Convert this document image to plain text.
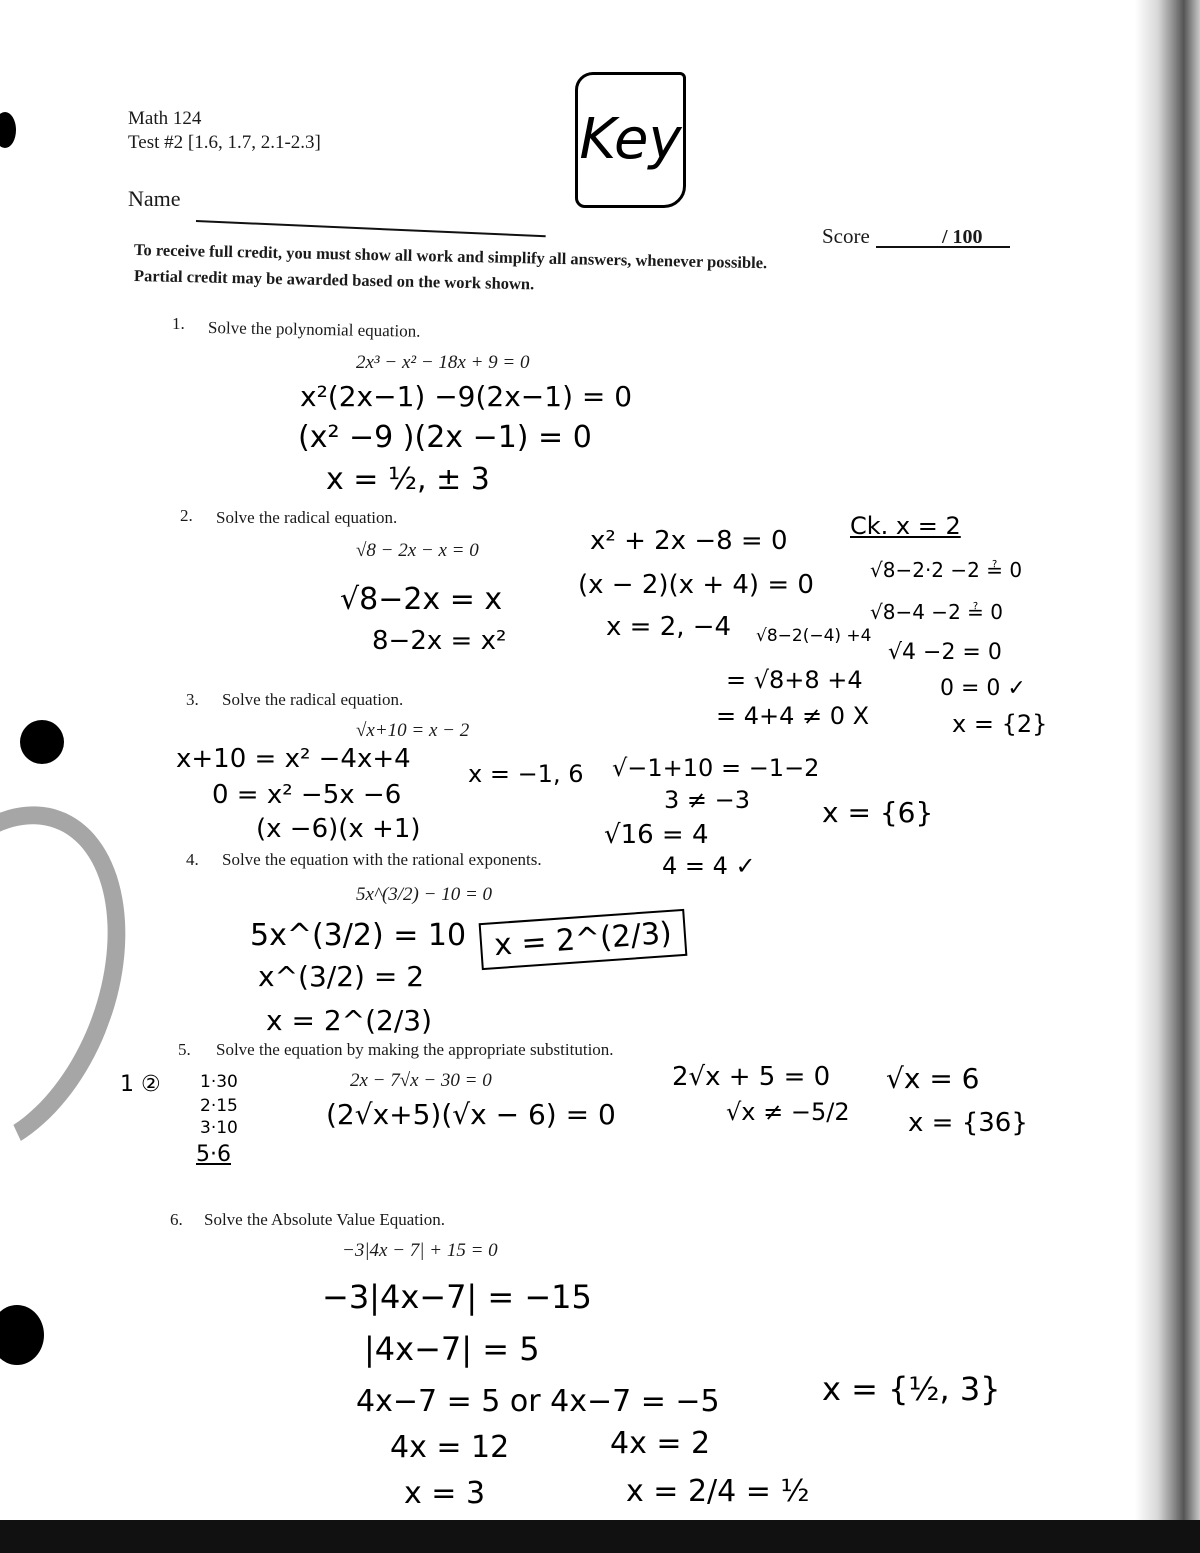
Math 124
Test #2 [1.6, 1.7, 2.1-2.3]
Name
Key
Score	/ 100
To receive full credit, you must show all work and simplify all answers, whenever possible.
Partial credit may be awarded based on the work shown.
1. Solve the polynomial equation.
2x³ − x² − 18x + 9 = 0
x²(2x−1) −9(2x−1) = 0
(x² −9 )(2x −1) = 0
x = ½, ± 3
2. Solve the radical equation.
√8 − 2x − x = 0
√8−2x = x
8−2x = x²
x² + 2x −8 = 0
(x − 2)(x + 4) = 0
x = 2, −4 √8−2(−4) +4
= √8+8 +4
= 4+4 ≠ 0 X
Ck. x = 2
√8−2·2 −2 ≟ 0
√8−4 −2 ≟ 0
√4 −2 = 0
0 = 0 ✓
x = {2}
3. Solve the radical equation.
√x+10 = x − 2
x+10 = x² −4x+4
0 = x² −5x −6
(x −6)(x +1)
x = −1, 6 √−1+10 = −1−2
3 ≠ −3
√16 = 4
4 = 4 ✓
x = {6}
4. Solve the equation with the rational exponents.
5x^(3/2) − 10 = 0
5x^(3/2) = 10
x^(3/2) = 2
x = 2^(2/3)
x = 2^(2/3)
5. Solve the equation by making the appropriate substitution.
2x − 7√x − 30 = 0
1 ② 1·30
2·15
3·10
5·6
(2√x+5)(√x − 6) = 0
2√x + 5 = 0
√x ≠ −5/2
√x = 6
x = {36}
6. Solve the Absolute Value Equation.
−3|4x − 7| + 15 = 0
−3|4x−7| = −15
|4x−7| = 5
4x−7 = 5 or 4x−7 = −5
4x = 12
x = 3
4x = 2
x = 2/4 = ½
x = {½, 3}
